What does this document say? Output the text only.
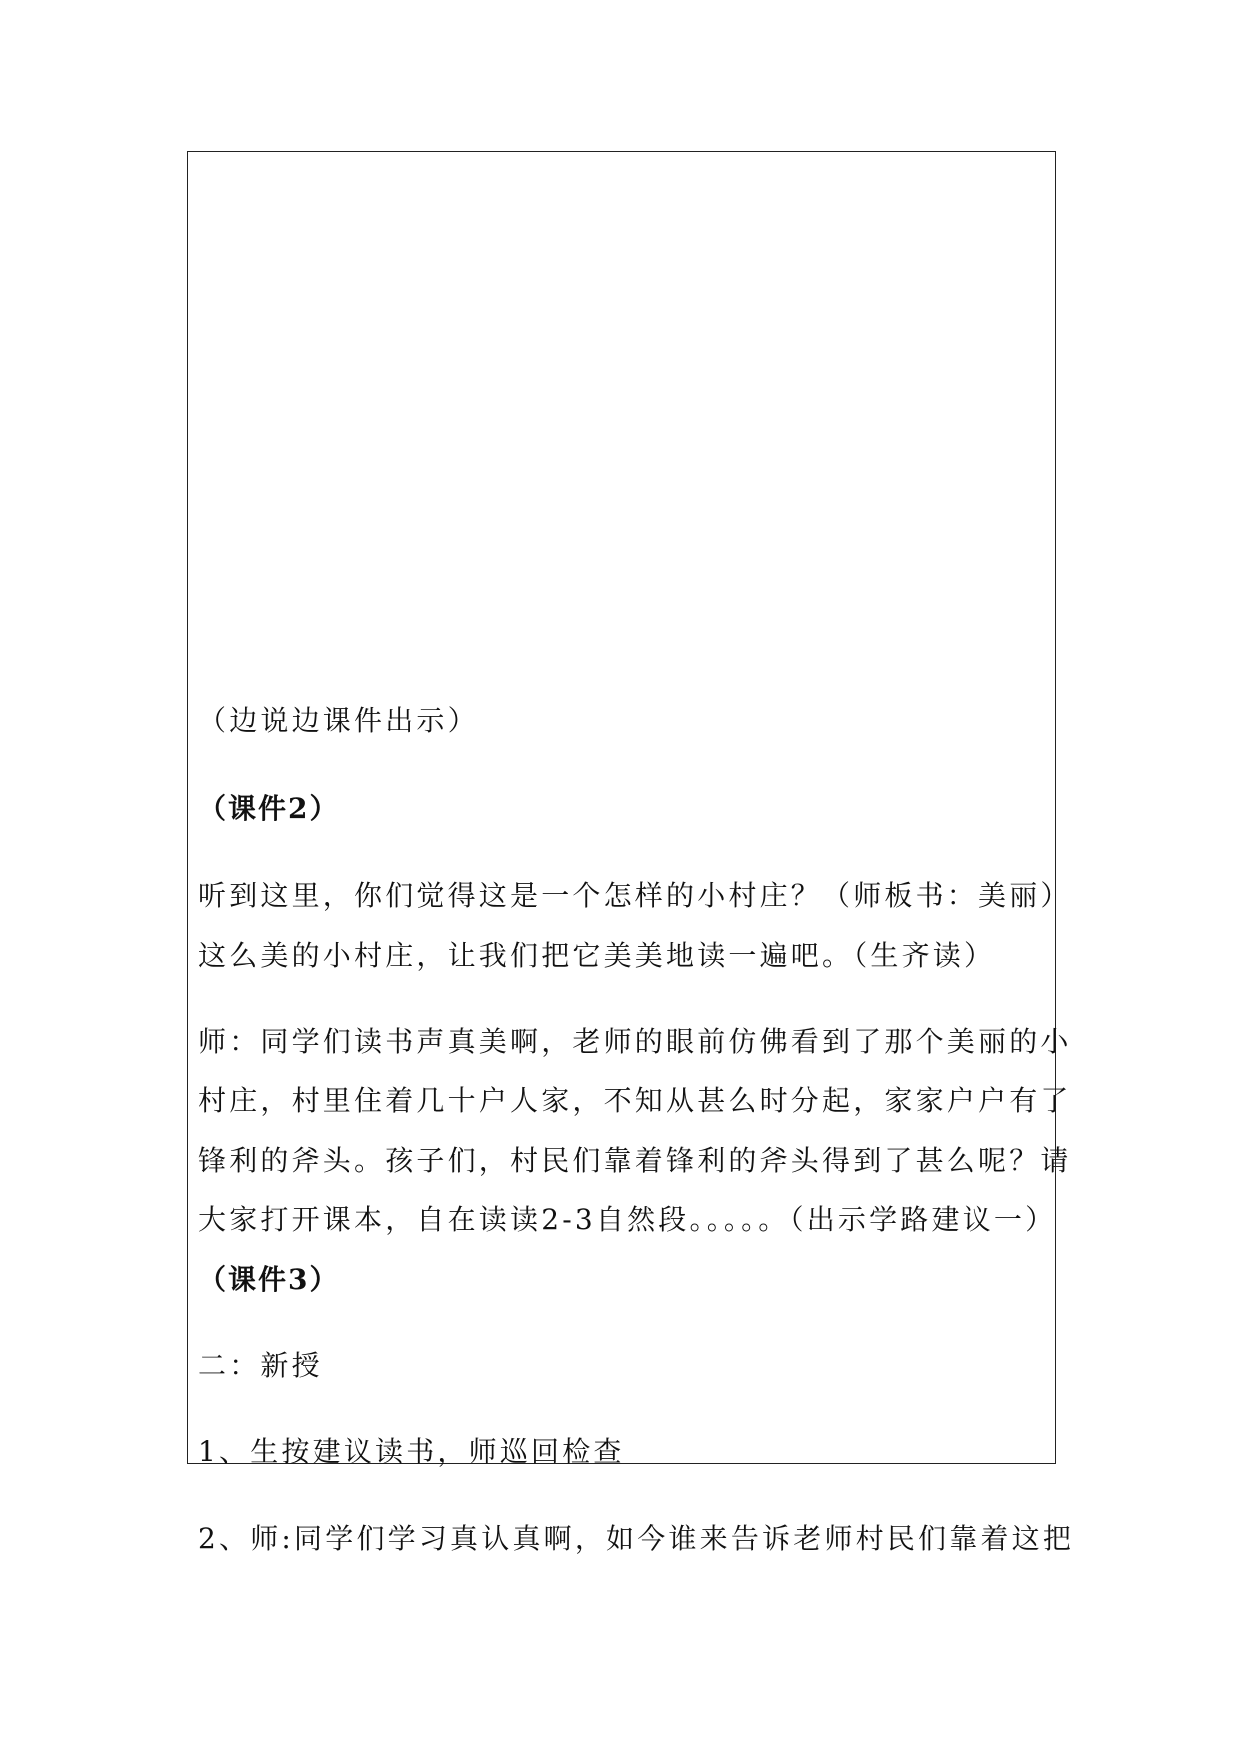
（边说边课件出示）

（课件2）

听到这里，你们觉得这是一个怎样的小村庄？（师板书：美丽）

这么美的小村庄，让我们把它美美地读一遍吧。（生齐读）

师：同学们读书声真美啊，老师的眼前仿佛看到了那个美丽的小

村庄，村里住着几十户人家，不知从甚么时分起，家家户户有了

锋利的斧头。孩子们，村民们靠着锋利的斧头得到了甚么呢？请

大家打开课本，自在读读2-3自然段。。。。。（出示学路建议一）

（课件3）

二：新授

1、生按建议读书，师巡回检查

2、师:同学们学习真认真啊，如今谁来告诉老师村民们靠着这把
